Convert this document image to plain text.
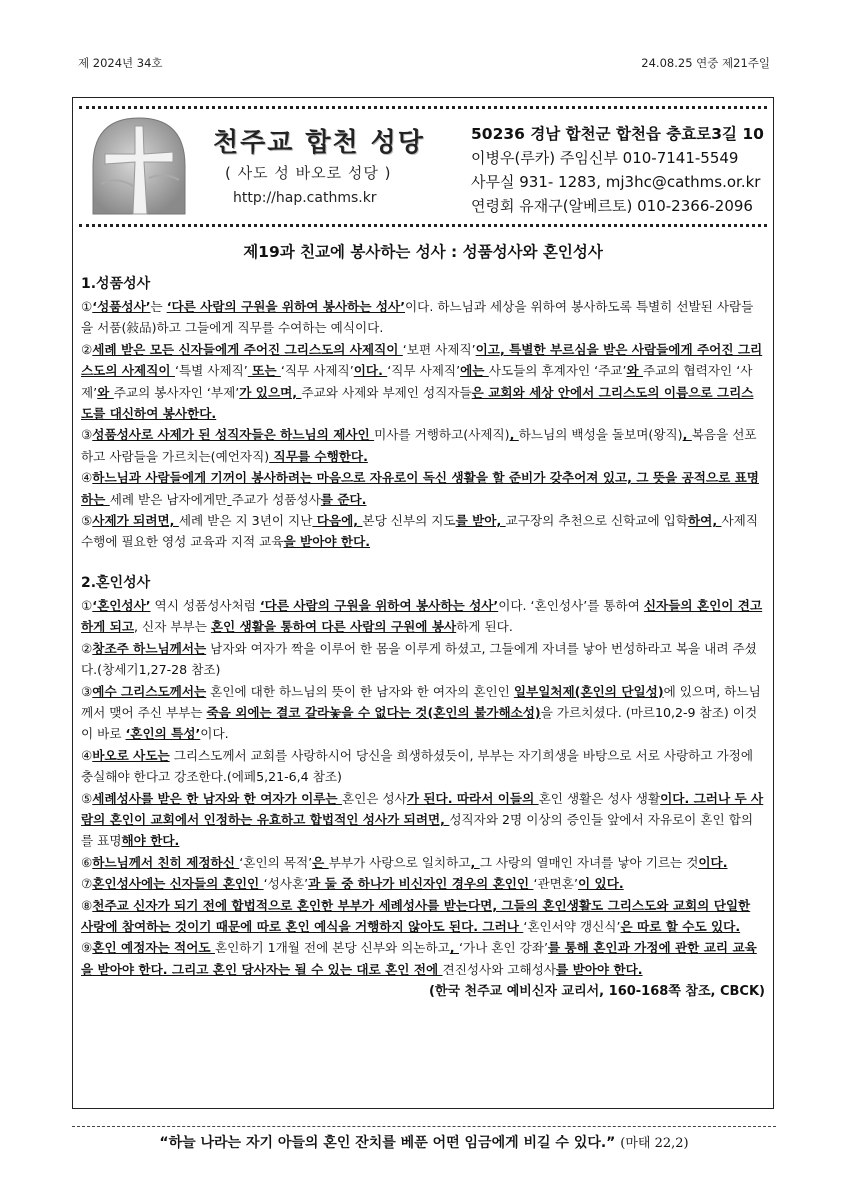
제 2024년 34호	24.08.25 연중 제21주일
천주교 합천 성당
( 사도 성 바오로 성당 )
http://hap.cathms.kr
50236 경남 합천군 합천읍 충효로3길 10
이병우(루카) 주임신부 010-7141-5549
사무실 931- 1283, mj3hc@cathms.or.kr
연령회 유재구(알베르토) 010-2366-2096
제19과 친교에 봉사하는 성사 : 성품성사와 혼인성사
1.성품성사

①‘성품성사’는 ‘다른 사람의 구원을 위하여 봉사하는 성사’이다. 하느님과 세상을 위하여 봉사하도록 특별히 선발된 사람들을 서품(敍品)하고 그들에게 직무를 수여하는 예식이다.

②세례 받은 모든 신자들에게 주어진 그리스도의 사제직이 ‘보편 사제직’이고, 특별한 부르심을 받은 사람들에게 주어진 그리스도의 사제직이 ‘특별 사제직’ 또는 ‘직무 사제직’이다. ‘직무 사제직’에는 사도들의 후계자인 ‘주교’와 주교의 협력자인 ‘사제’와 주교의 봉사자인 ‘부제’가 있으며, 주교와 사제와 부제인 성직자들은 교회와 세상 안에서 그리스도의 이름으로 그리스도를 대신하여 봉사한다.

③성품성사로 사제가 된 성직자들은 하느님의 제사인 미사를 거행하고(사제직), 하느님의 백성을 돌보며(왕직), 복음을 선포하고 사람들을 가르치는(예언자직) 직무를 수행한다.

④하느님과 사람들에게 기꺼이 봉사하려는 마음으로 자유로이 독신 생활을 할 준비가 갖추어져 있고, 그 뜻을 공적으로 표명하는 세례 받은 남자에게만 주교가 성품성사를 준다.

⑤사제가 되려면, 세례 받은 지 3년이 지난 다음에, 본당 신부의 지도를 받아, 교구장의 추천으로 신학교에 입학하여, 사제직 수행에 필요한 영성 교육과 지적 교육을 받아야 한다.

2.혼인성사

①‘혼인성사’ 역시 성품성사처럼 ‘다른 사람의 구원을 위하여 봉사하는 성사’이다. ‘혼인성사’를 통하여 신자들의 혼인이 견고하게 되고, 신자 부부는 혼인 생활을 통하여 다른 사람의 구원에 봉사하게 된다.

②창조주 하느님께서는 남자와 여자가 짝을 이루어 한 몸을 이루게 하셨고, 그들에게 자녀를 낳아 번성하라고 복을 내려 주셨다.(창세기1,27-28 참조)

③예수 그리스도께서는 혼인에 대한 하느님의 뜻이 한 남자와 한 여자의 혼인인 일부일처제(혼인의 단일성)에 있으며, 하느님께서 맺어 주신 부부는 죽음 외에는 결코 갈라놓을 수 없다는 것(혼인의 불가해소성)을 가르치셨다. (마르10,2-9 참조) 이것이 바로 ‘혼인의 특성’이다.

④바오로 사도는 그리스도께서 교회를 사랑하시어 당신을 희생하셨듯이, 부부는 자기희생을 바탕으로 서로 사랑하고 가정에 충실해야 한다고 강조한다.(에페5,21-6,4 참조)

⑤세례성사를 받은 한 남자와 한 여자가 이루는 혼인은 성사가 된다. 따라서 이들의 혼인 생활은 성사 생활이다. 그러나 두 사람의 혼인이 교회에서 인정하는 유효하고 합법적인 성사가 되려면, 성직자와 2명 이상의 증인들 앞에서 자유로이 혼인 합의를 표명해야 한다.

⑥하느님께서 친히 제정하신 ‘혼인의 목적’은 부부가 사랑으로 일치하고, 그 사랑의 열매인 자녀를 낳아 기르는 것이다.

⑦혼인성사에는 신자들의 혼인인 ‘성사혼’과 둘 중 하나가 비신자인 경우의 혼인인 ‘관면혼’이 있다.

⑧천주교 신자가 되기 전에 합법적으로 혼인한 부부가 세례성사를 받는다면, 그들의 혼인생활도 그리스도와 교회의 단일한 사랑에 참여하는 것이기 때문에 따로 혼인 예식을 거행하지 않아도 된다. 그러나 ‘혼인서약 갱신식’은 따로 할 수도 있다.

⑨혼인 예정자는 적어도 혼인하기 1개월 전에 본당 신부와 의논하고, ‘가나 혼인 강좌’를 통해 혼인과 가정에 관한 교리 교육을 받아야 한다. 그리고 혼인 당사자는 될 수 있는 대로 혼인 전에 견진성사와 고해성사를 받아야 한다.

(한국 천주교 예비신자 교리서, 160-168쪽 참조, CBCK)
“하늘 나라는 자기 아들의 혼인 잔치를 베푼 어떤 임금에게 비길 수 있다.” (마태 22,2)
